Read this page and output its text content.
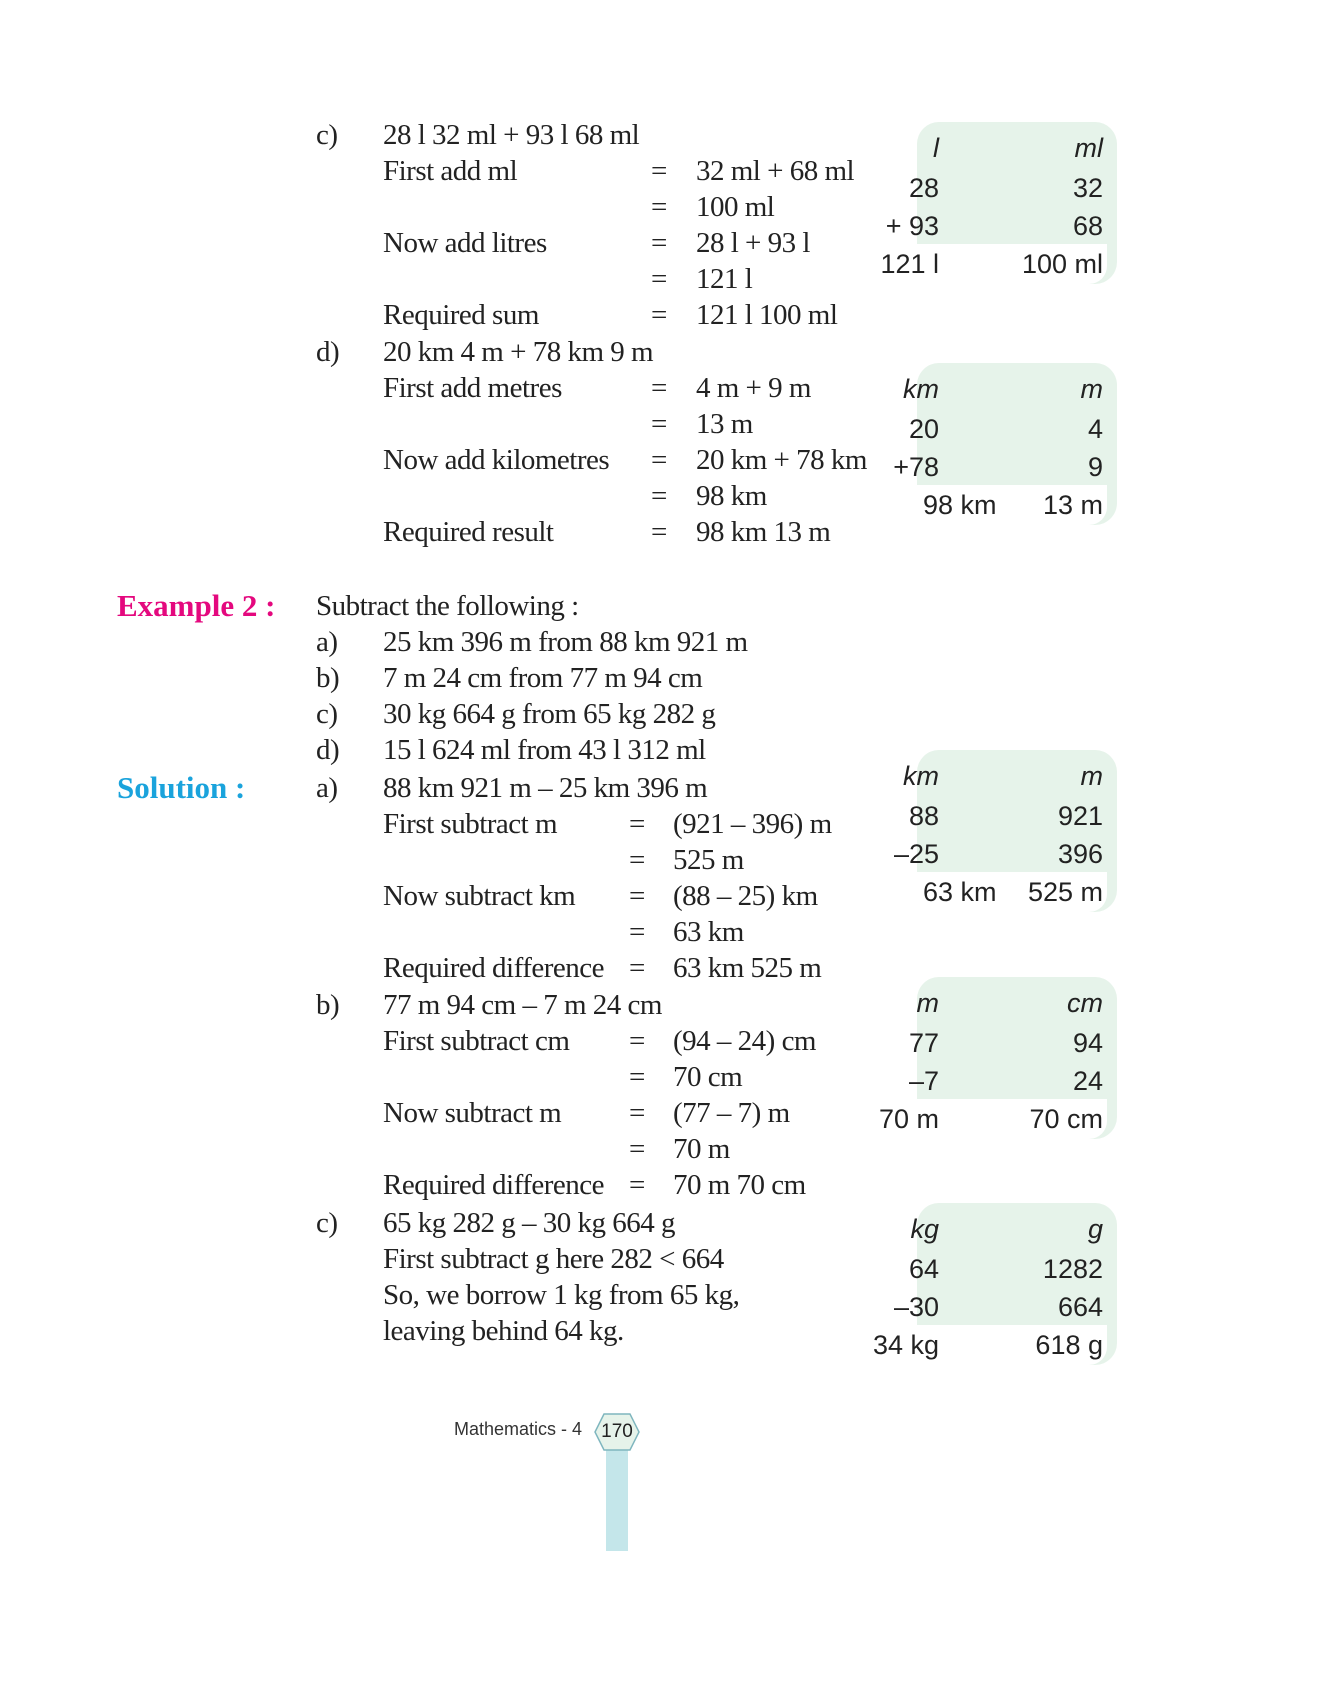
c) 28 l 32 ml + 93 l 68 ml
First add ml	= 32 ml + 68 ml
= 100 ml
Now add litres	= 28 l + 93 l
= 121 l
Required sum	= 121 l 100 ml
l	ml
28	32
+ 93	68
121 l	100 ml
d) 20 km 4 m + 78 km 9 m
First add metres	= 4 m + 9 m
= 13 m
Now add kilometres = 20 km + 78 km
= 98 km
Required result	= 98 km 13 m
km	m
20	4
+78	9
98 km 13 m
Example 2 : Subtract the following :
a) 25 km 396 m from 88 km 921 m
b) 7 m 24 cm from 77 m 94 cm
c) 30 kg 664 g from 65 kg 282 g
d) 15 l 624 ml from 43 l 312 ml
Solution : a) 88 km 921 m – 25 km 396 m
First subtract m = (921 – 396) m
= 525 m
Now subtract km = (88 – 25) km
= 63 km
Required difference = 63 km 525 m
km	m
88	921
–25	396
63 km 525 m
b) 77 m 94 cm – 7 m 24 cm
First subtract cm = (94 – 24) cm
= 70 cm
Now subtract m = (77 – 7) m
= 70 m
Required difference = 70 m 70 cm
m	cm
77	94
–7	24
70 m	70 cm
c) 65 kg 282 g – 30 kg 664 g
First subtract g here 282 < 664
So, we borrow 1 kg from 65 kg,
leaving behind 64 kg.
kg	g
64	1282
–30	664
34 kg	618 g
Mathematics - 4	170
